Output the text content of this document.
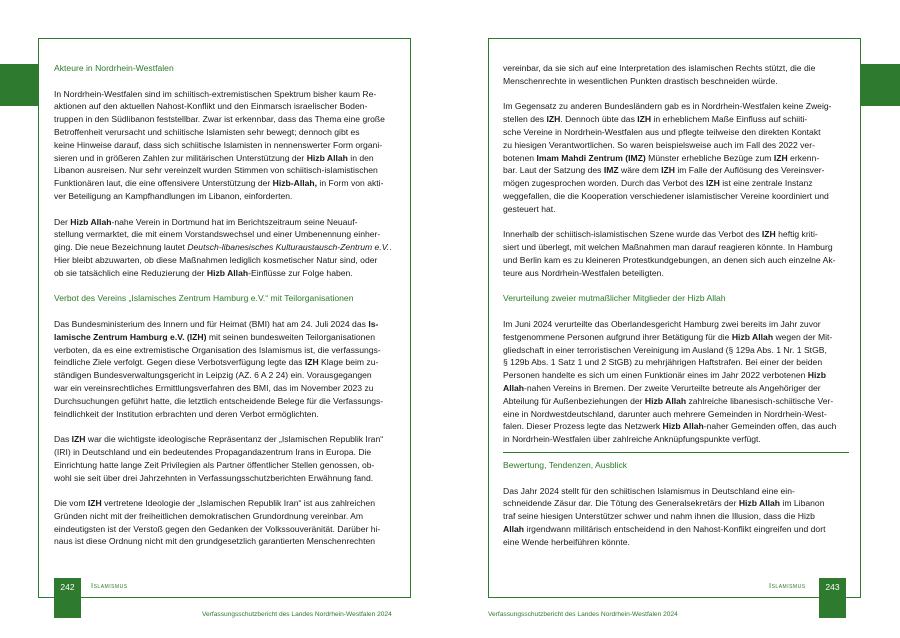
Akteure in Nordrhein-Westfalen

In Nordrhein-Westfalen sind im schiitisch-extremistischen Spektrum bisher kaum Re-
aktionen auf den aktuellen Nahost-Konflikt und den Einmarsch israelischer Boden-
truppen in den Südlibanon feststellbar. Zwar ist erkennbar, dass das Thema eine große
Betroffenheit verursacht und schiitische Islamisten sehr bewegt; dennoch gibt es
keine Hinweise darauf, dass sich schiitische Islamisten in nennenswerter Form organi-
sieren und in größeren Zahlen zur militärischen Unterstützung der Hizb Allah in den
Libanon ausreisen. Nur sehr vereinzelt wurden Stimmen von schiitisch-islamistischen
Funktionären laut, die eine offensivere Unterstützung der Hizb-Allah, in Form von akti-
ver Beteiligung an Kampfhandlungen im Libanon, einforderten.

Der Hizb Allah-nahe Verein in Dortmund hat im Berichtszeitraum seine Neuauf-
stellung vermarktet, die mit einem Vorstandswechsel und einer Umbenennung einher-
ging. Die neue Bezeichnung lautet Deutsch-libanesisches Kulturaustausch-Zentrum e.V..
Hier bleibt abzuwarten, ob diese Maßnahmen lediglich kosmetischer Natur sind, oder
ob sie tatsächlich eine Reduzierung der Hizb Allah-Einflüsse zur Folge haben.

Verbot des Vereins „Islamisches Zentrum Hamburg e.V.“ mit Teilorganisationen

Das Bundesministerium des Innern und für Heimat (BMI) hat am 24. Juli 2024 das Is-
lamische Zentrum Hamburg e.V. (IZH) mit seinen bundesweiten Teilorganisationen
verboten, da es eine extremistische Organisation des Islamismus ist, die verfassungs-
feindliche Ziele verfolgt. Gegen diese Verbotsverfügung legte das IZH Klage beim zu-
ständigen Bundesverwaltungsgericht in Leipzig (AZ. 6 A 2 24) ein. Vorausgegangen
war ein vereinsrechtliches Ermittlungsverfahren des BMI, das im November 2023 zu
Durchsuchungen geführt hatte, die letztlich entscheidende Belege für die Verfassungs-
feindlichkeit der Institution erbrachten und deren Verbot ermöglichten.

Das IZH war die wichtigste ideologische Repräsentanz der „Islamischen Republik Iran“
(IRI) in Deutschland und ein bedeutendes Propagandazentrum Irans in Europa. Die
Einrichtung hatte lange Zeit Privilegien als Partner öffentlicher Stellen genossen, ob-
wohl sie seit über drei Jahrzehnten in Verfassungsschutzberichten Erwähnung fand.

Die vom IZH vertretene Ideologie der „Islamischen Republik Iran“ ist aus zahlreichen
Gründen nicht mit der freiheitlichen demokratischen Grundordnung vereinbar. Am
eindeutigsten ist der Verstoß gegen den Gedanken der Volkssouveränität. Darüber hi-
naus ist diese Ordnung nicht mit den grundgesetzlich garantierten Menschenrechten

242	Islamismus
Verfassungsschutzbericht des Landes Nordrhein-Westfalen 2024

vereinbar, da sie sich auf eine Interpretation des islamischen Rechts stützt, die die
Menschenrechte in wesentlichen Punkten drastisch beschneiden würde.

Im Gegensatz zu anderen Bundesländern gab es in Nordrhein-Westfalen keine Zweig-
stellen des IZH. Dennoch übte das IZH in erheblichem Maße Einfluss auf schiiti-
sche Vereine in Nordrhein-Westfalen aus und pflegte teilweise den direkten Kontakt
zu hiesigen Verantwortlichen. So waren beispielsweise auch im Fall des 2022 ver-
botenen Imam Mahdi Zentrum (IMZ) Münster erhebliche Bezüge zum IZH erkenn-
bar. Laut der Satzung des IMZ wäre dem IZH im Falle der Auflösung des Vereinsver-
mögen zugesprochen worden. Durch das Verbot des IZH ist eine zentrale Instanz
weggefallen, die die Kooperation verschiedener islamistischer Vereine koordiniert und
gesteuert hat.

Innerhalb der schiitisch-islamistischen Szene wurde das Verbot des IZH heftig kriti-
siert und überlegt, mit welchen Maßnahmen man darauf reagieren könnte. In Hamburg
und Berlin kam es zu kleineren Protestkundgebungen, an denen sich auch einzelne Ak-
teure aus Nordrhein-Westfalen beteiligten.

Verurteilung zweier mutmaßlicher Mitglieder der Hizb Allah

Im Juni 2024 verurteilte das Oberlandesgericht Hamburg zwei bereits im Jahr zuvor
festgenommene Personen aufgrund ihrer Betätigung für die Hizb Allah wegen der Mit-
gliedschaft in einer terroristischen Vereinigung im Ausland (§ 129a Abs. 1 Nr. 1 StGB,
§ 129b Abs. 1 Satz 1 und 2 StGB) zu mehrjährigen Haftstrafen. Bei einer der beiden
Personen handelte es sich um einen Funktionär eines im Jahr 2022 verbotenen Hizb
Allah-nahen Vereins in Bremen. Der zweite Verurteilte betreute als Angehöriger der
Abteilung für Außenbeziehungen der Hizb Allah zahlreiche libanesisch-schiitische Ver-
eine in Nordwestdeutschland, darunter auch mehrere Gemeinden in Nordrhein-West-
falen. Dieser Prozess legte das Netzwerk Hizb Allah-naher Gemeinden offen, das auch
in Nordrhein-Westfalen über zahlreiche Anknüpfungspunkte verfügt.

Bewertung, Tendenzen, Ausblick

Das Jahr 2024 stellt für den schiitischen Islamismus in Deutschland eine ein-
schneidende Zäsur dar. Die Tötung des Generalsekretärs der Hizb Allah im Libanon
traf seine hiesigen Unterstützer schwer und nahm ihnen die Illusion, dass die Hizb
Allah irgendwann militärisch entscheidend in den Nahost-Konflikt eingreifen und dort
eine Wende herbeiführen könnte.

Islamismus	243
Verfassungsschutzbericht des Landes Nordrhein-Westfalen 2024
